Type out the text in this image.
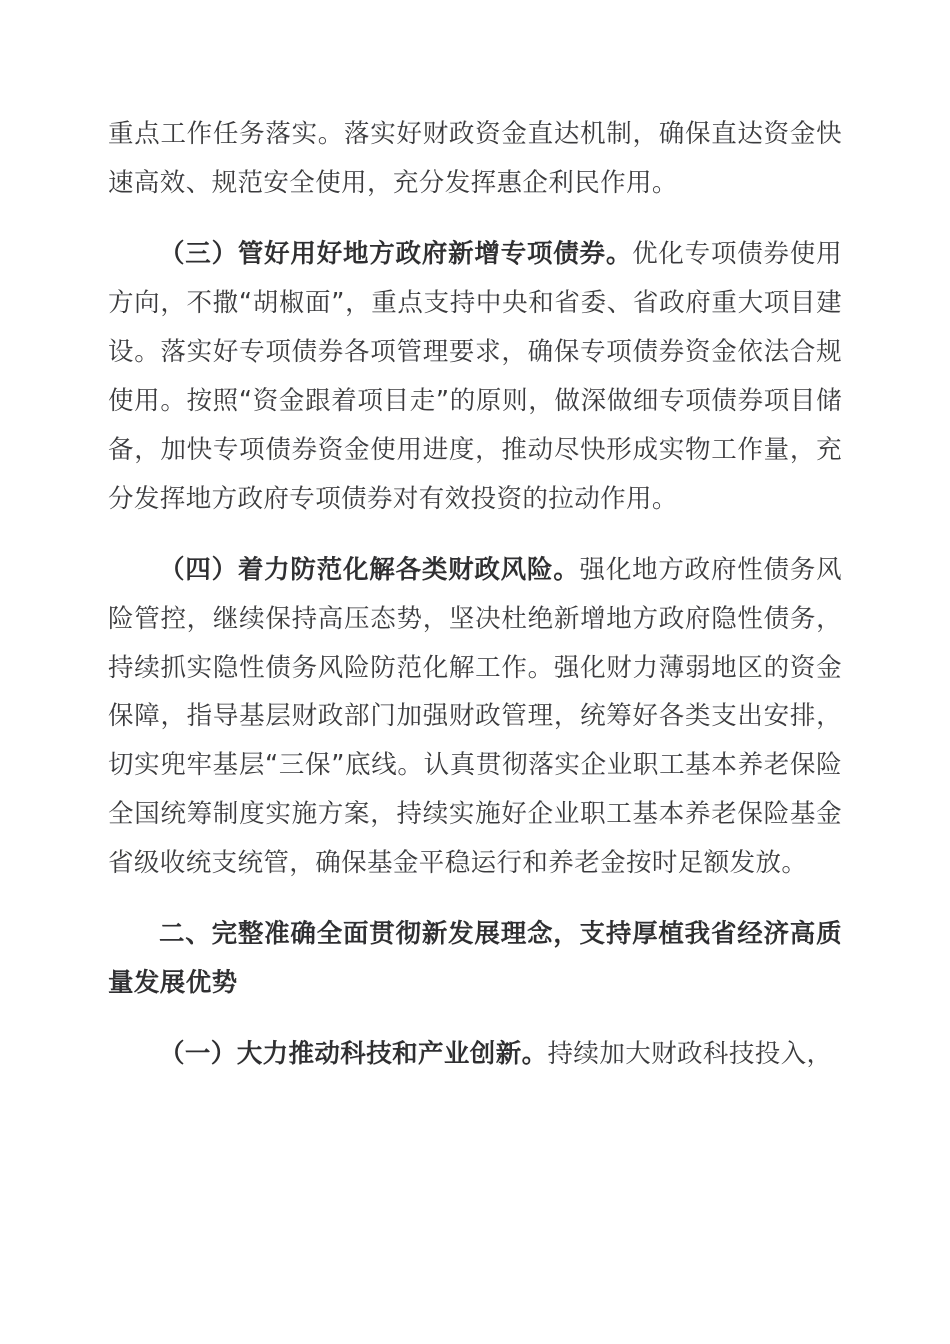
重点工作任务落实。落实好财政资金直达机制，确保直达资金快速高效、规范安全使用，充分发挥惠企利民作用。

（三）管好用好地方政府新增专项债券。优化专项债券使用方向，不撒“胡椒面”，重点支持中央和省委、省政府重大项目建设。落实好专项债券各项管理要求，确保专项债券资金依法合规使用。按照“资金跟着项目走”的原则，做深做细专项债券项目储备，加快专项债券资金使用进度，推动尽快形成实物工作量，充分发挥地方政府专项债券对有效投资的拉动作用。

（四）着力防范化解各类财政风险。强化地方政府性债务风险管控，继续保持高压态势，坚决杜绝新增地方政府隐性债务，持续抓实隐性债务风险防范化解工作。强化财力薄弱地区的资金保障，指导基层财政部门加强财政管理，统筹好各类支出安排，切实兜牢基层“三保”底线。认真贯彻落实企业职工基本养老保险全国统筹制度实施方案，持续实施好企业职工基本养老保险基金省级收统支统管，确保基金平稳运行和养老金按时足额发放。

二、完整准确全面贯彻新发展理念，支持厚植我省经济高质量发展优势

（一）大力推动科技和产业创新。持续加大财政科技投入，
